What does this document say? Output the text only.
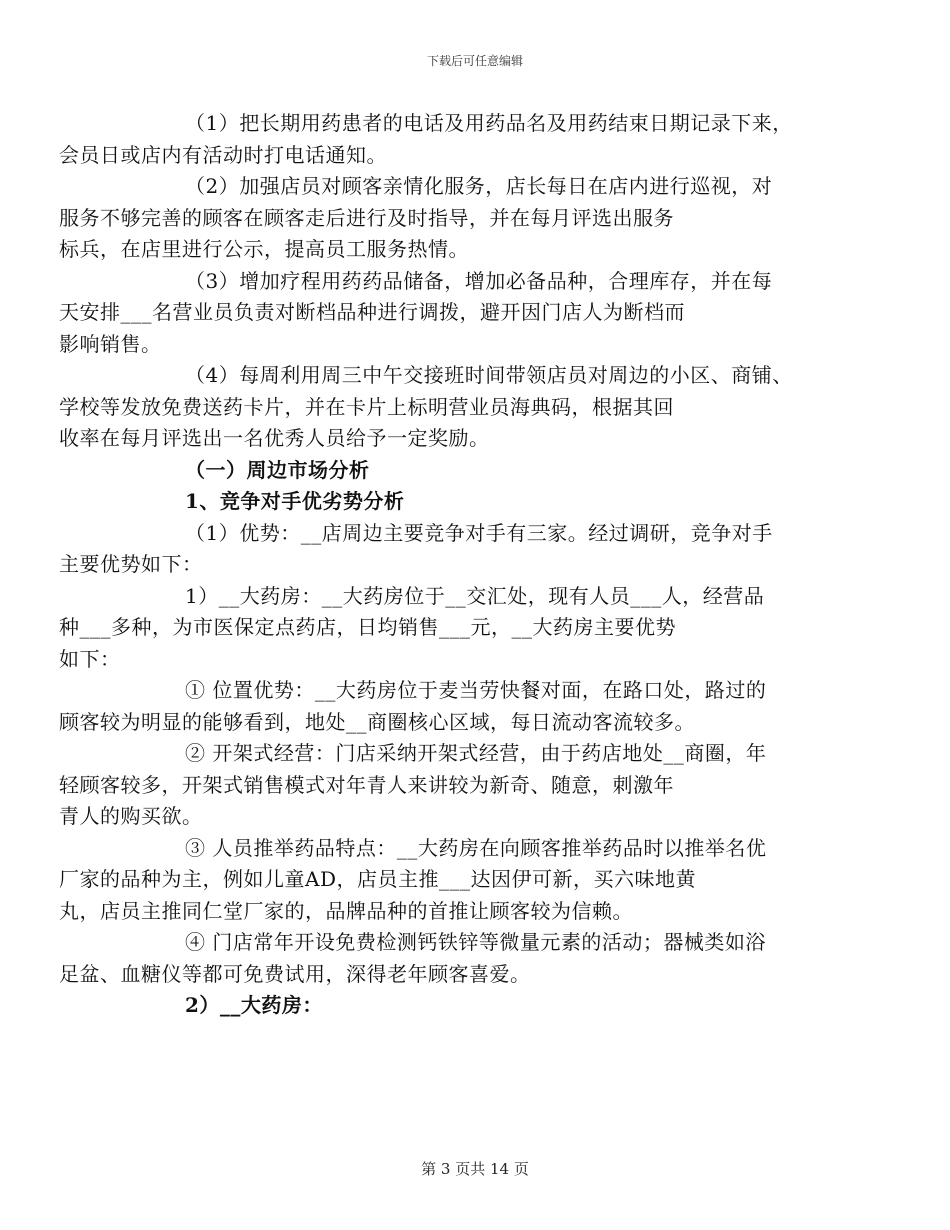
下载后可任意编辑
（1）把长期用药患者的电话及用药品名及用药结束日期记录下来，
会员日或店内有活动时打电话通知。
（2）加强店员对顾客亲情化服务，店长每日在店内进行巡视，对
服务不够完善的顾客在顾客走后进行及时指导，并在每月评选出服务
标兵，在店里进行公示，提高员工服务热情。
（3）增加疗程用药药品储备，增加必备品种，合理库存，并在每
天安排___名营业员负责对断档品种进行调拨，避开因门店人为断档而
影响销售。
（4）每周利用周三中午交接班时间带领店员对周边的小区、商铺、
学校等发放免费送药卡片，并在卡片上标明营业员海典码，根据其回
收率在每月评选出一名优秀人员给予一定奖励。
（一）周边市场分析
1、竞争对手优劣势分析
（1）优势：__店周边主要竞争对手有三家。经过调研，竞争对手
主要优势如下：
1）__大药房：__大药房位于__交汇处，现有人员___人，经营品
种___多种，为市医保定点药店，日均销售___元，__大药房主要优势
如下：
① 位置优势：__大药房位于麦当劳快餐对面，在路口处，路过的
顾客较为明显的能够看到，地处__商圈核心区域，每日流动客流较多。
② 开架式经营：门店采纳开架式经营，由于药店地处__商圈，年
轻顾客较多，开架式销售模式对年青人来讲较为新奇、随意，刺激年
青人的购买欲。
③ 人员推举药品特点：__大药房在向顾客推举药品时以推举名优
厂家的品种为主，例如儿童AD，店员主推___达因伊可新，买六味地黄
丸，店员主推同仁堂厂家的，品牌品种的首推让顾客较为信赖。
④ 门店常年开设免费检测钙铁锌等微量元素的活动；器械类如浴
足盆、血糖仪等都可免费试用，深得老年顾客喜爱。
2）__大药房：
第 3 页共 14 页
